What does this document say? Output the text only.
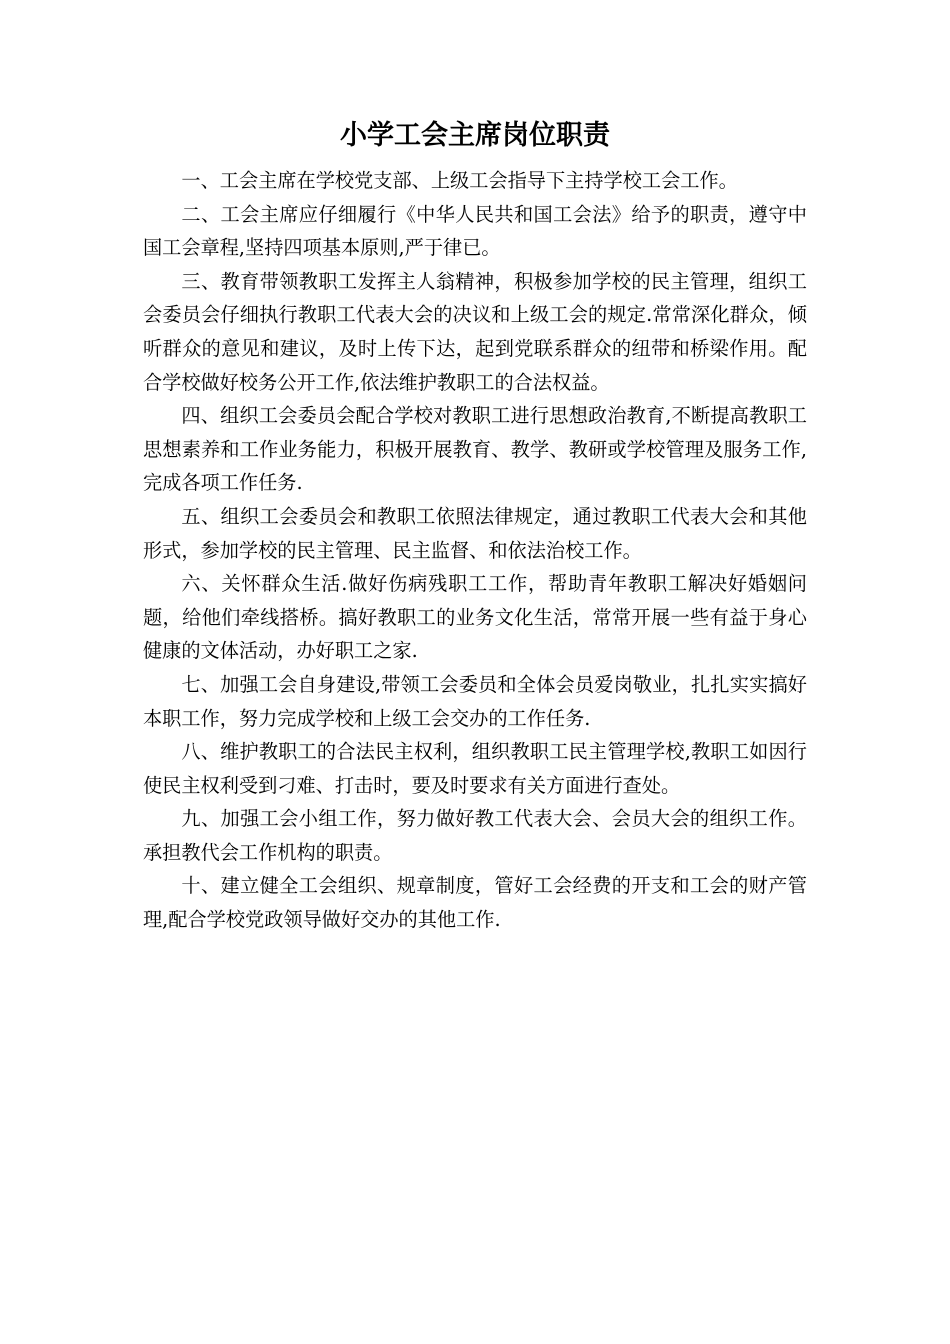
小学工会主席岗位职责

一、工会主席在学校党支部、上级工会指导下主持学校工会工作。

二、工会主席应仔细履行《中华人民共和国工会法》给予的职责，遵守中国工会章程,坚持四项基本原则,严于律已。

三、教育带领教职工发挥主人翁精神，积极参加学校的民主管理，组织工会委员会仔细执行教职工代表大会的决议和上级工会的规定.常常深化群众，倾听群众的意见和建议，及时上传下达，起到党联系群众的纽带和桥梁作用。配合学校做好校务公开工作,依法维护教职工的合法权益。

四、组织工会委员会配合学校对教职工进行思想政治教育,不断提高教职工思想素养和工作业务能力，积极开展教育、教学、教研或学校管理及服务工作,完成各项工作任务.

五、组织工会委员会和教职工依照法律规定，通过教职工代表大会和其他形式，参加学校的民主管理、民主监督、和依法治校工作。

六、关怀群众生活.做好伤病残职工工作，帮助青年教职工解决好婚姻问题，给他们牵线搭桥。搞好教职工的业务文化生活，常常开展一些有益于身心健康的文体活动，办好职工之家.

七、加强工会自身建设,带领工会委员和全体会员爱岗敬业，扎扎实实搞好本职工作，努力完成学校和上级工会交办的工作任务.

八、维护教职工的合法民主权利，组织教职工民主管理学校,教职工如因行使民主权利受到刁难、打击时，要及时要求有关方面进行查处。

九、加强工会小组工作，努力做好教工代表大会、会员大会的组织工作。承担教代会工作机构的职责。

十、建立健全工会组织、规章制度，管好工会经费的开支和工会的财产管理,配合学校党政领导做好交办的其他工作.
